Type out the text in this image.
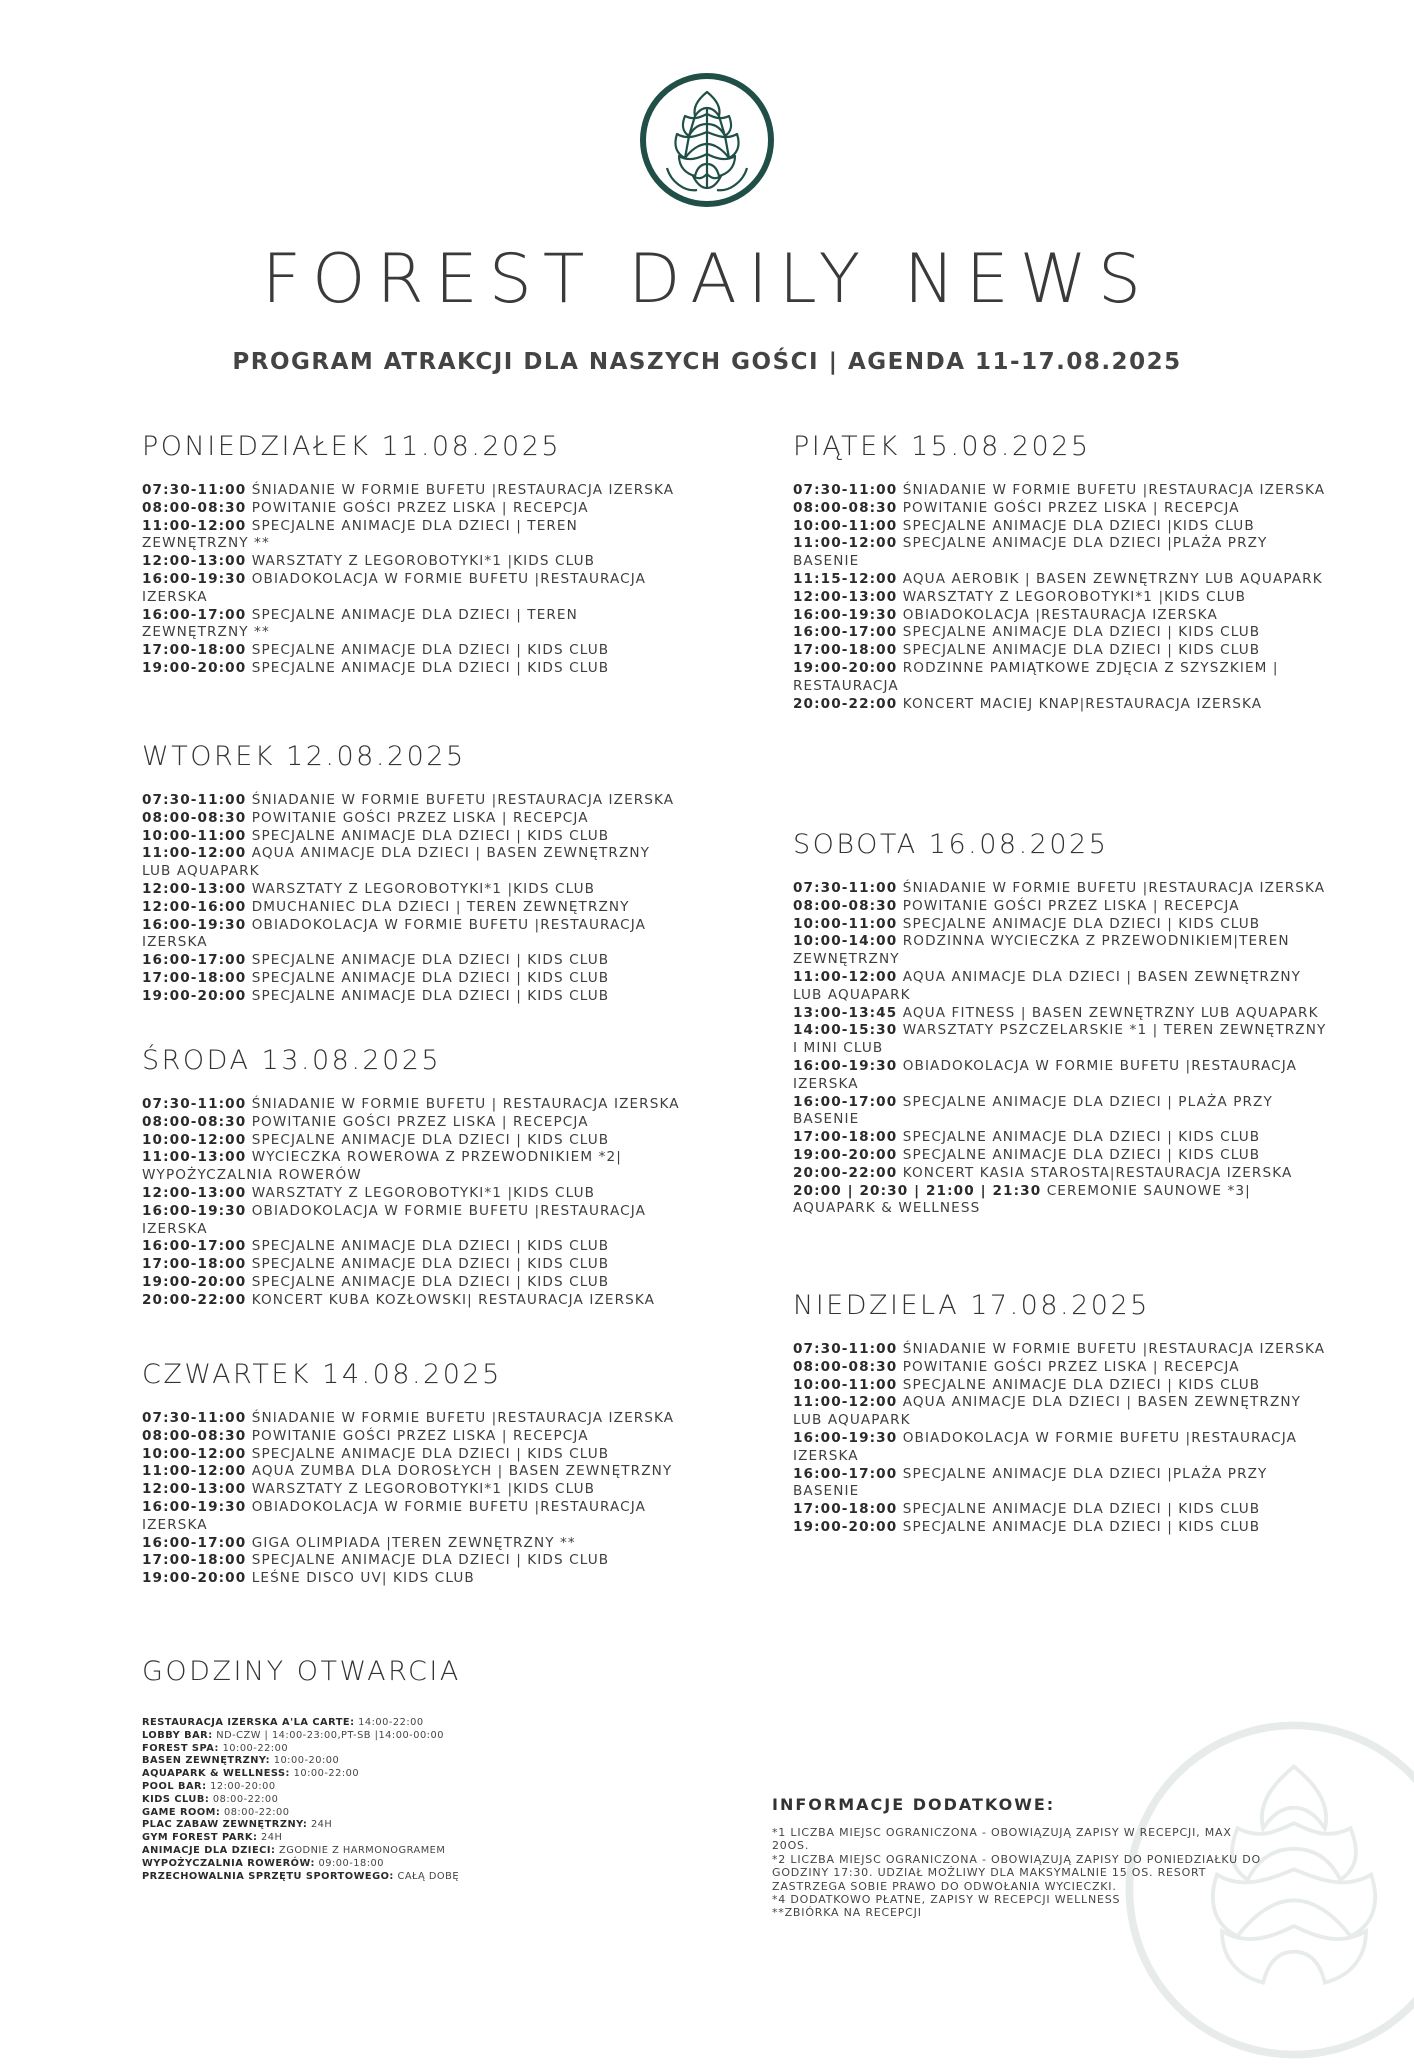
FOREST DAILY NEWS
PROGRAM ATRAKCJI DLA NASZYCH GOŚCI | AGENDA 11-17.08.2025
PONIEDZIAŁEK 11.08.2025
07:30-11:00 ŚNIADANIE W FORMIE BUFETU |RESTAURACJA IZERSKA
08:00-08:30 POWITANIE GOŚCI PRZEZ LISKA | RECEPCJA
11:00-12:00 SPECJALNE ANIMACJE DLA DZIECI | TEREN ZEWNĘTRZNY **
12:00-13:00 WARSZTATY Z LEGOROBOTYKI*1 |KIDS CLUB
16:00-19:30 OBIADOKOLACJA W FORMIE BUFETU |RESTAURACJA IZERSKA
16:00-17:00 SPECJALNE ANIMACJE DLA DZIECI | TEREN ZEWNĘTRZNY **
17:00-18:00 SPECJALNE ANIMACJE DLA DZIECI | KIDS CLUB
19:00-20:00 SPECJALNE ANIMACJE DLA DZIECI | KIDS CLUB
WTOREK 12.08.2025
07:30-11:00 ŚNIADANIE W FORMIE BUFETU |RESTAURACJA IZERSKA
08:00-08:30 POWITANIE GOŚCI PRZEZ LISKA | RECEPCJA
10:00-11:00 SPECJALNE ANIMACJE DLA DZIECI | KIDS CLUB
11:00-12:00 AQUA ANIMACJE DLA DZIECI | BASEN ZEWNĘTRZNY LUB AQUAPARK
12:00-13:00 WARSZTATY Z LEGOROBOTYKI*1 |KIDS CLUB
12:00-16:00 DMUCHANIEC DLA DZIECI | TEREN ZEWNĘTRZNY
16:00-19:30 OBIADOKOLACJA W FORMIE BUFETU |RESTAURACJA IZERSKA
16:00-17:00 SPECJALNE ANIMACJE DLA DZIECI | KIDS CLUB
17:00-18:00 SPECJALNE ANIMACJE DLA DZIECI | KIDS CLUB
19:00-20:00 SPECJALNE ANIMACJE DLA DZIECI | KIDS CLUB
ŚRODA 13.08.2025
07:30-11:00 ŚNIADANIE W FORMIE BUFETU | RESTAURACJA IZERSKA
08:00-08:30 POWITANIE GOŚCI PRZEZ LISKA | RECEPCJA
10:00-12:00 SPECJALNE ANIMACJE DLA DZIECI | KIDS CLUB
11:00-13:00 WYCIECZKA ROWEROWA Z PRZEWODNIKIEM *2| WYPOŻYCZALNIA ROWERÓW
12:00-13:00 WARSZTATY Z LEGOROBOTYKI*1 |KIDS CLUB
16:00-19:30 OBIADOKOLACJA W FORMIE BUFETU |RESTAURACJA IZERSKA
16:00-17:00 SPECJALNE ANIMACJE DLA DZIECI | KIDS CLUB
17:00-18:00 SPECJALNE ANIMACJE DLA DZIECI | KIDS CLUB
19:00-20:00 SPECJALNE ANIMACJE DLA DZIECI | KIDS CLUB
20:00-22:00 KONCERT KUBA KOZŁOWSKI| RESTAURACJA IZERSKA
CZWARTEK 14.08.2025
07:30-11:00 ŚNIADANIE W FORMIE BUFETU |RESTAURACJA IZERSKA
08:00-08:30 POWITANIE GOŚCI PRZEZ LISKA | RECEPCJA
10:00-12:00 SPECJALNE ANIMACJE DLA DZIECI | KIDS CLUB
11:00-12:00 AQUA ZUMBA DLA DOROSŁYCH | BASEN ZEWNĘTRZNY
12:00-13:00 WARSZTATY Z LEGOROBOTYKI*1 |KIDS CLUB
16:00-19:30 OBIADOKOLACJA W FORMIE BUFETU |RESTAURACJA IZERSKA
16:00-17:00 GIGA OLIMPIADA |TEREN ZEWNĘTRZNY **
17:00-18:00 SPECJALNE ANIMACJE DLA DZIECI | KIDS CLUB
19:00-20:00 LEŚNE DISCO UV| KIDS CLUB
PIĄTEK 15.08.2025
07:30-11:00 ŚNIADANIE W FORMIE BUFETU |RESTAURACJA IZERSKA
08:00-08:30 POWITANIE GOŚCI PRZEZ LISKA | RECEPCJA
10:00-11:00 SPECJALNE ANIMACJE DLA DZIECI |KIDS CLUB
11:00-12:00 SPECJALNE ANIMACJE DLA DZIECI |PLAŻA PRZY BASENIE
11:15-12:00 AQUA AEROBIK | BASEN ZEWNĘTRZNY LUB AQUAPARK
12:00-13:00 WARSZTATY Z LEGOROBOTYKI*1 |KIDS CLUB
16:00-19:30 OBIADOKOLACJA |RESTAURACJA IZERSKA
16:00-17:00 SPECJALNE ANIMACJE DLA DZIECI | KIDS CLUB
17:00-18:00 SPECJALNE ANIMACJE DLA DZIECI | KIDS CLUB
19:00-20:00 RODZINNE PAMIĄTKOWE ZDJĘCIA Z SZYSZKIEM | RESTAURACJA
20:00-22:00 KONCERT MACIEJ KNAP|RESTAURACJA IZERSKA
SOBOTA 16.08.2025
07:30-11:00 ŚNIADANIE W FORMIE BUFETU |RESTAURACJA IZERSKA
08:00-08:30 POWITANIE GOŚCI PRZEZ LISKA | RECEPCJA
10:00-11:00 SPECJALNE ANIMACJE DLA DZIECI | KIDS CLUB
10:00-14:00 RODZINNA WYCIECZKA Z PRZEWODNIKIEM|TEREN ZEWNĘTRZNY
11:00-12:00 AQUA ANIMACJE DLA DZIECI | BASEN ZEWNĘTRZNY LUB AQUAPARK
13:00-13:45 AQUA FITNESS | BASEN ZEWNĘTRZNY LUB AQUAPARK
14:00-15:30 WARSZTATY PSZCZELARSKIE *1 | TEREN ZEWNĘTRZNY I MINI CLUB
16:00-19:30 OBIADOKOLACJA W FORMIE BUFETU |RESTAURACJA IZERSKA
16:00-17:00 SPECJALNE ANIMACJE DLA DZIECI | PLAŻA PRZY BASENIE
17:00-18:00 SPECJALNE ANIMACJE DLA DZIECI | KIDS CLUB
19:00-20:00 SPECJALNE ANIMACJE DLA DZIECI | KIDS CLUB
20:00-22:00 KONCERT KASIA STAROSTA|RESTAURACJA IZERSKA
20:00 | 20:30 | 21:00 | 21:30 CEREMONIE SAUNOWE *3| AQUAPARK & WELLNESS
NIEDZIELA 17.08.2025
07:30-11:00 ŚNIADANIE W FORMIE BUFETU |RESTAURACJA IZERSKA
08:00-08:30 POWITANIE GOŚCI PRZEZ LISKA | RECEPCJA
10:00-11:00 SPECJALNE ANIMACJE DLA DZIECI | KIDS CLUB
11:00-12:00 AQUA ANIMACJE DLA DZIECI | BASEN ZEWNĘTRZNY LUB AQUAPARK
16:00-19:30 OBIADOKOLACJA W FORMIE BUFETU |RESTAURACJA IZERSKA
16:00-17:00 SPECJALNE ANIMACJE DLA DZIECI |PLAŻA PRZY BASENIE
17:00-18:00 SPECJALNE ANIMACJE DLA DZIECI | KIDS CLUB
19:00-20:00 SPECJALNE ANIMACJE DLA DZIECI | KIDS CLUB
GODZINY OTWARCIA
RESTAURACJA IZERSKA A'LA CARTE: 14:00-22:00
LOBBY BAR: ND-CZW | 14:00-23:00,PT-SB |14:00-00:00
FOREST SPA: 10:00-22:00
BASEN ZEWNĘTRZNY: 10:00-20:00
AQUAPARK & WELLNESS: 10:00-22:00
POOL BAR: 12:00-20:00
KIDS CLUB: 08:00-22:00
GAME ROOM: 08:00-22:00
PLAC ZABAW ZEWNĘTRZNY: 24H
GYM FOREST PARK: 24H
ANIMACJE DLA DZIECI: ZGODNIE Z HARMONOGRAMEM
WYPOŻYCZALNIA ROWERÓW: 09:00-18:00
PRZECHOWALNIA SPRZĘTU SPORTOWEGO: CAŁĄ DOBĘ
INFORMACJE DODATKOWE:
*1 LICZBA MIEJSC OGRANICZONA - OBOWIĄZUJĄ ZAPISY W RECEPCJI, MAX 20OS.
*2 LICZBA MIEJSC OGRANICZONA - OBOWIĄZUJĄ ZAPISY DO PONIEDZIAŁKU DO GODZINY 17:30. UDZIAŁ MOŻLIWY DLA MAKSYMALNIE 15 OS. RESORT ZASTRZEGA SOBIE PRAWO DO ODWOŁANIA WYCIECZKI.
*4 DODATKOWO PŁATNE, ZAPISY W RECEPCJI WELLNESS
**ZBIÓRKA NA RECEPCJI
